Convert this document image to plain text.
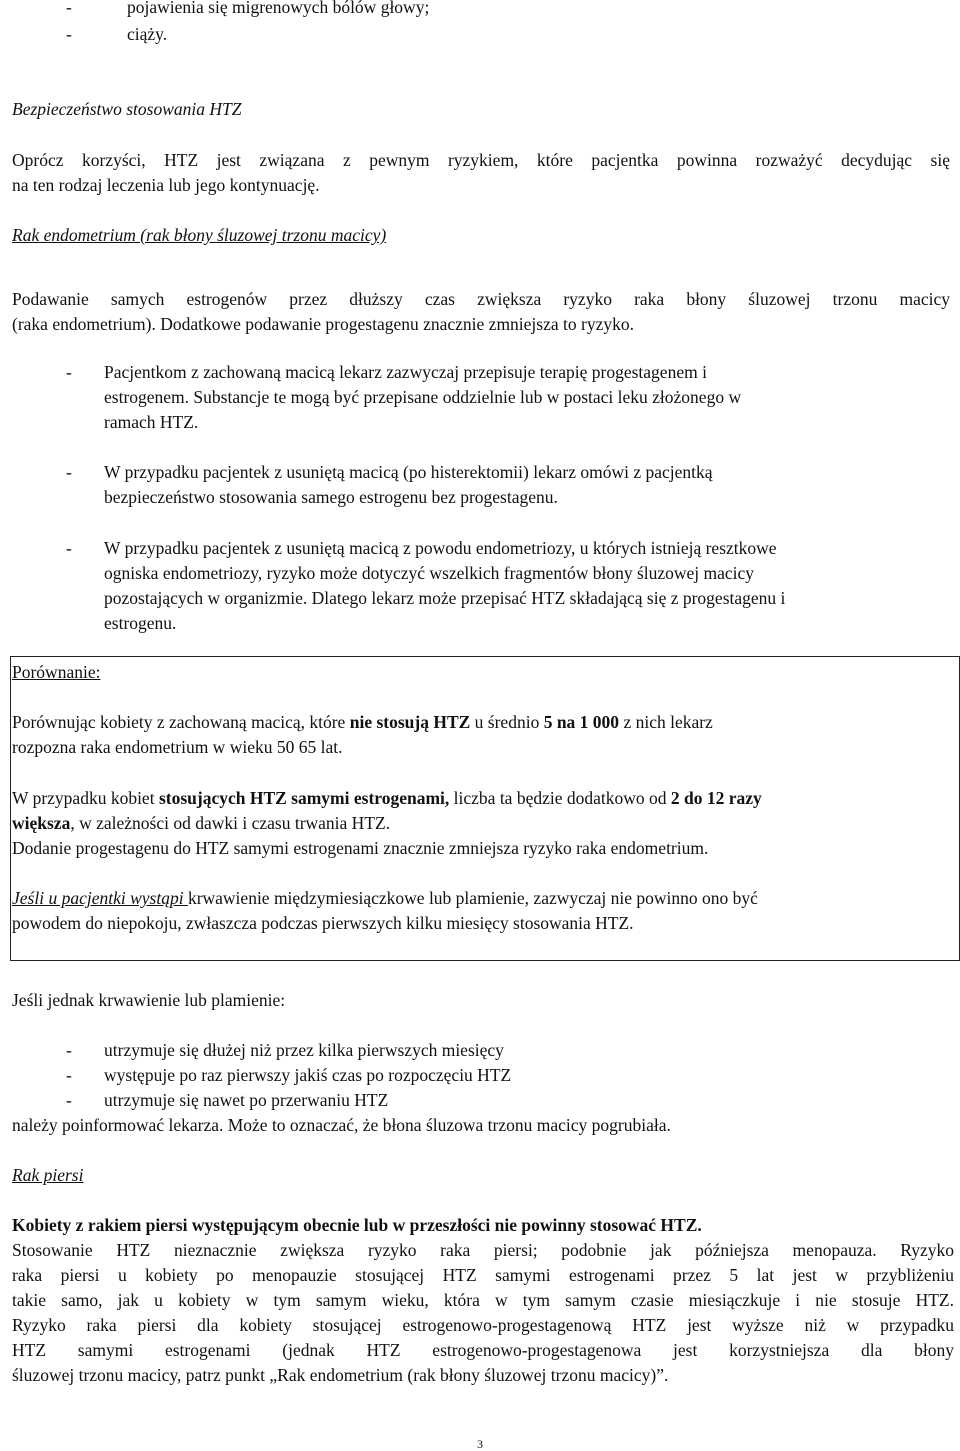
-	pojawienia się migrenowych bólów głowy;
-	ciąży.
Bezpieczeństwo stosowania HTZ
Oprócz korzyści, HTZ jest związana z pewnym ryzykiem, które pacjentka powinna rozważyć decydując się
na ten rodzaj leczenia lub jego kontynuację.
Rak endometrium (rak błony śluzowej trzonu macicy)
Podawanie samych estrogenów przez dłuższy czas zwiększa ryzyko raka błony śluzowej trzonu macicy
(raka endometrium). Dodatkowe podawanie progestagenu znacznie zmniejsza to ryzyko.
- Pacjentkom z zachowaną macicą lekarz zazwyczaj przepisuje terapię progestagenem i
estrogenem. Substancje te mogą być przepisane oddzielnie lub w postaci leku złożonego w
ramach HTZ.
- W przypadku pacjentek z usuniętą macicą (po histerektomii) lekarz omówi z pacjentką
bezpieczeństwo stosowania samego estrogenu bez progestagenu.
- W przypadku pacjentek z usuniętą macicą z powodu endometriozy, u których istnieją resztkowe
ogniska endometriozy, ryzyko może dotyczyć wszelkich fragmentów błony śluzowej macicy
pozostających w organizmie. Dlatego lekarz może przepisać HTZ składającą się z progestagenu i
estrogenu.
Porównanie:
Porównując kobiety z zachowaną macicą, które nie stosują HTZ u średnio 5 na 1 000 z nich lekarz
rozpozna raka endometrium w wieku 50 65 lat.
W przypadku kobiet stosujących HTZ samymi estrogenami, liczba ta będzie dodatkowo od 2 do 12 razy
większa, w zależności od dawki i czasu trwania HTZ.
Dodanie progestagenu do HTZ samymi estrogenami znacznie zmniejsza ryzyko raka endometrium.
Jeśli u pacjentki wystąpi krwawienie międzymiesiączkowe lub plamienie, zazwyczaj nie powinno ono być
powodem do niepokoju, zwłaszcza podczas pierwszych kilku miesięcy stosowania HTZ.
Jeśli jednak krwawienie lub plamienie:
- utrzymuje się dłużej niż przez kilka pierwszych miesięcy
- występuje po raz pierwszy jakiś czas po rozpoczęciu HTZ
- utrzymuje się nawet po przerwaniu HTZ
należy poinformować lekarza. Może to oznaczać, że błona śluzowa trzonu macicy pogrubiała.
Rak piersi
Kobiety z rakiem piersi występującym obecnie lub w przeszłości nie powinny stosować HTZ.
Stosowanie HTZ nieznacznie zwiększa ryzyko raka piersi; podobnie jak późniejsza menopauza. Ryzyko
raka piersi u kobiety po menopauzie stosującej HTZ samymi estrogenami przez 5 lat jest w przybliżeniu
takie samo, jak u kobiety w tym samym wieku, która w tym samym czasie miesiączkuje i nie stosuje HTZ.
Ryzyko raka piersi dla kobiety stosującej estrogenowo-progestagenową HTZ jest wyższe niż w przypadku
HTZ samymi estrogenami (jednak HTZ estrogenowo-progestagenowa jest korzystniejsza dla błony
śluzowej trzonu macicy, patrz punkt „Rak endometrium (rak błony śluzowej trzonu macicy)”.
3
